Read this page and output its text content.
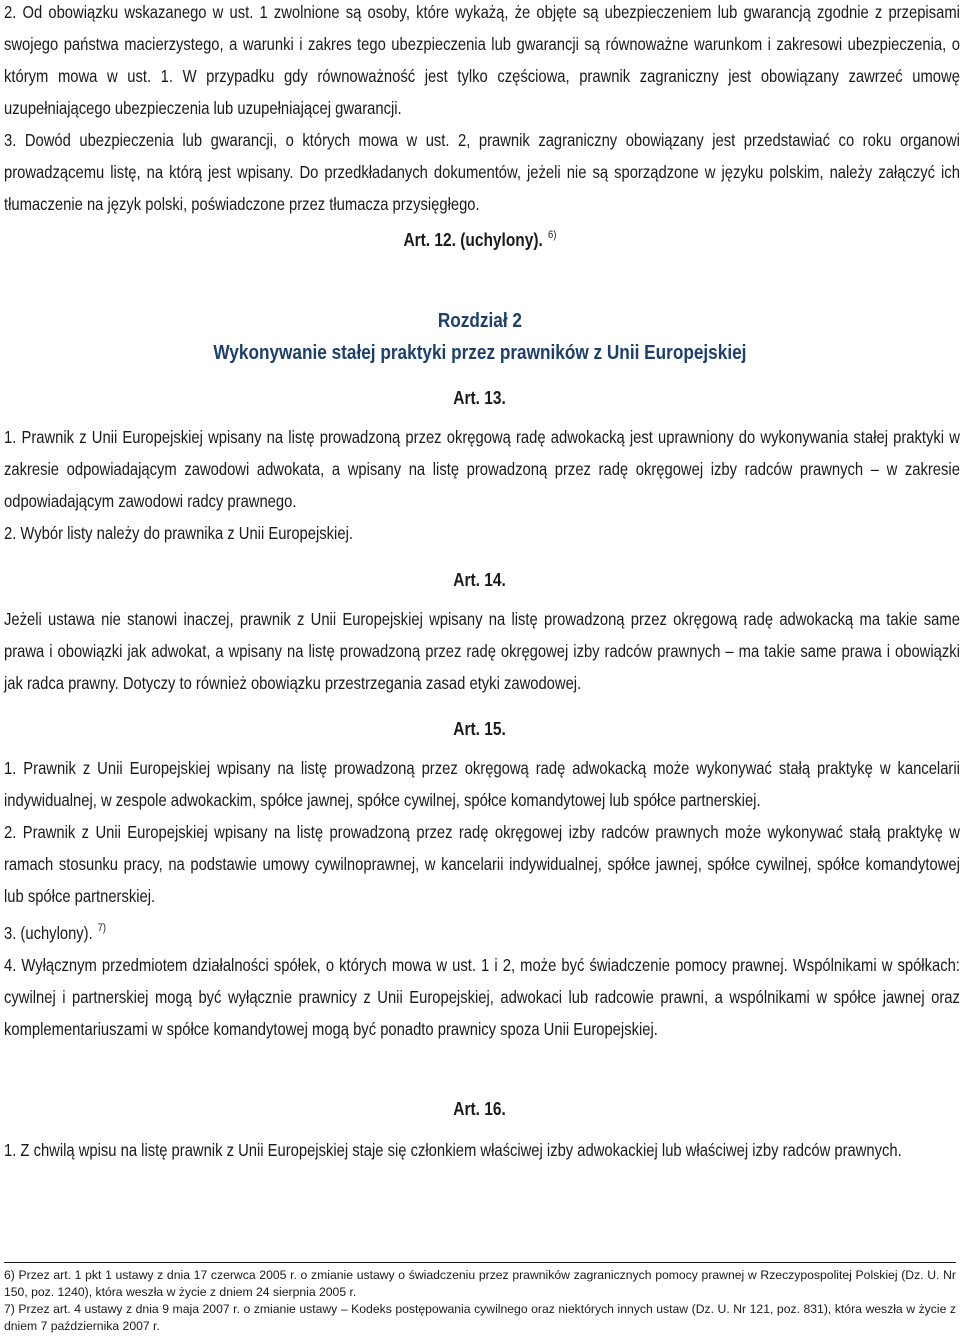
2. Od obowiązku wskazanego w ust. 1 zwolnione są osoby, które wykażą, że objęte są ubezpieczeniem lub gwarancją zgodnie z przepisami swojego państwa macierzystego, a warunki i zakres tego ubezpieczenia lub gwarancji są równoważne warunkom i zakresowi ubezpieczenia, o którym mowa w ust. 1. W przypadku gdy równoważność jest tylko częściowa, prawnik zagraniczny jest obowiązany zawrzeć umowę uzupełniającego ubezpieczenia lub uzupełniającej gwarancji.

3. Dowód ubezpieczenia lub gwarancji, o których mowa w ust. 2, prawnik zagraniczny obowiązany jest przedstawiać co roku organowi prowadzącemu listę, na którą jest wpisany. Do przedkładanych dokumentów, jeżeli nie są sporządzone w języku polskim, należy załączyć ich tłumaczenie na język polski, poświadczone przez tłumacza przysięgłego.

Art. 12. (uchylony). $^{6)}$
Rozdział 2
Wykonywanie stałej praktyki przez prawników z Unii Europejskiej
Art. 13.

1. Prawnik z Unii Europejskiej wpisany na listę prowadzoną przez okręgową radę adwokacką jest uprawniony do wykonywania stałej praktyki w zakresie odpowiadającym zawodowi adwokata, a wpisany na listę prowadzoną przez radę okręgowej izby radców prawnych – w zakresie odpowiadającym zawodowi radcy prawnego.

2. Wybór listy należy do prawnika z Unii Europejskiej.

Art. 14.

Jeżeli ustawa nie stanowi inaczej, prawnik z Unii Europejskiej wpisany na listę prowadzoną przez okręgową radę adwokacką ma takie same prawa i obowiązki jak adwokat, a wpisany na listę prowadzoną przez radę okręgowej izby radców prawnych – ma takie same prawa i obowiązki jak radca prawny. Dotyczy to również obowiązku przestrzegania zasad etyki zawodowej.

Art. 15.

1. Prawnik z Unii Europejskiej wpisany na listę prowadzoną przez okręgową radę adwokacką może wykonywać stałą praktykę w kancelarii indywidualnej, w zespole adwokackim, spółce jawnej, spółce cywilnej, spółce komandytowej lub spółce partnerskiej.

2. Prawnik z Unii Europejskiej wpisany na listę prowadzoną przez radę okręgowej izby radców prawnych może wykonywać stałą praktykę w ramach stosunku pracy, na podstawie umowy cywilnoprawnej, w kancelarii indywidualnej, spółce jawnej, spółce cywilnej, spółce komandytowej lub spółce partnerskiej.

3. (uchylony). $^{7)}$

4. Wyłącznym przedmiotem działalności spółek, o których mowa w ust. 1 i 2, może być świadczenie pomocy prawnej. Wspólnikami w spółkach: cywilnej i partnerskiej mogą być wyłącznie prawnicy z Unii Europejskiej, adwokaci lub radcowie prawni, a wspólnikami w spółce jawnej oraz komplementariuszami w spółce komandytowej mogą być ponadto prawnicy spoza Unii Europejskiej.

Art. 16.

1. Z chwilą wpisu na listę prawnik z Unii Europejskiej staje się członkiem właściwej izby adwokackiej lub właściwej izby radców prawnych.

6) Przez art. 1 pkt 1 ustawy z dnia 17 czerwca 2005 r. o zmianie ustawy o świadczeniu przez prawników zagranicznych pomocy prawnej w Rzeczypospolitej Polskiej (Dz. U. Nr 150, poz. 1240), która weszła w życie z dniem 24 sierpnia 2005 r.

7) Przez art. 4 ustawy z dnia 9 maja 2007 r. o zmianie ustawy – Kodeks postępowania cywilnego oraz niektórych innych ustaw (Dz. U. Nr 121, poz. 831), która weszła w życie z dniem 7 października 2007 r.
